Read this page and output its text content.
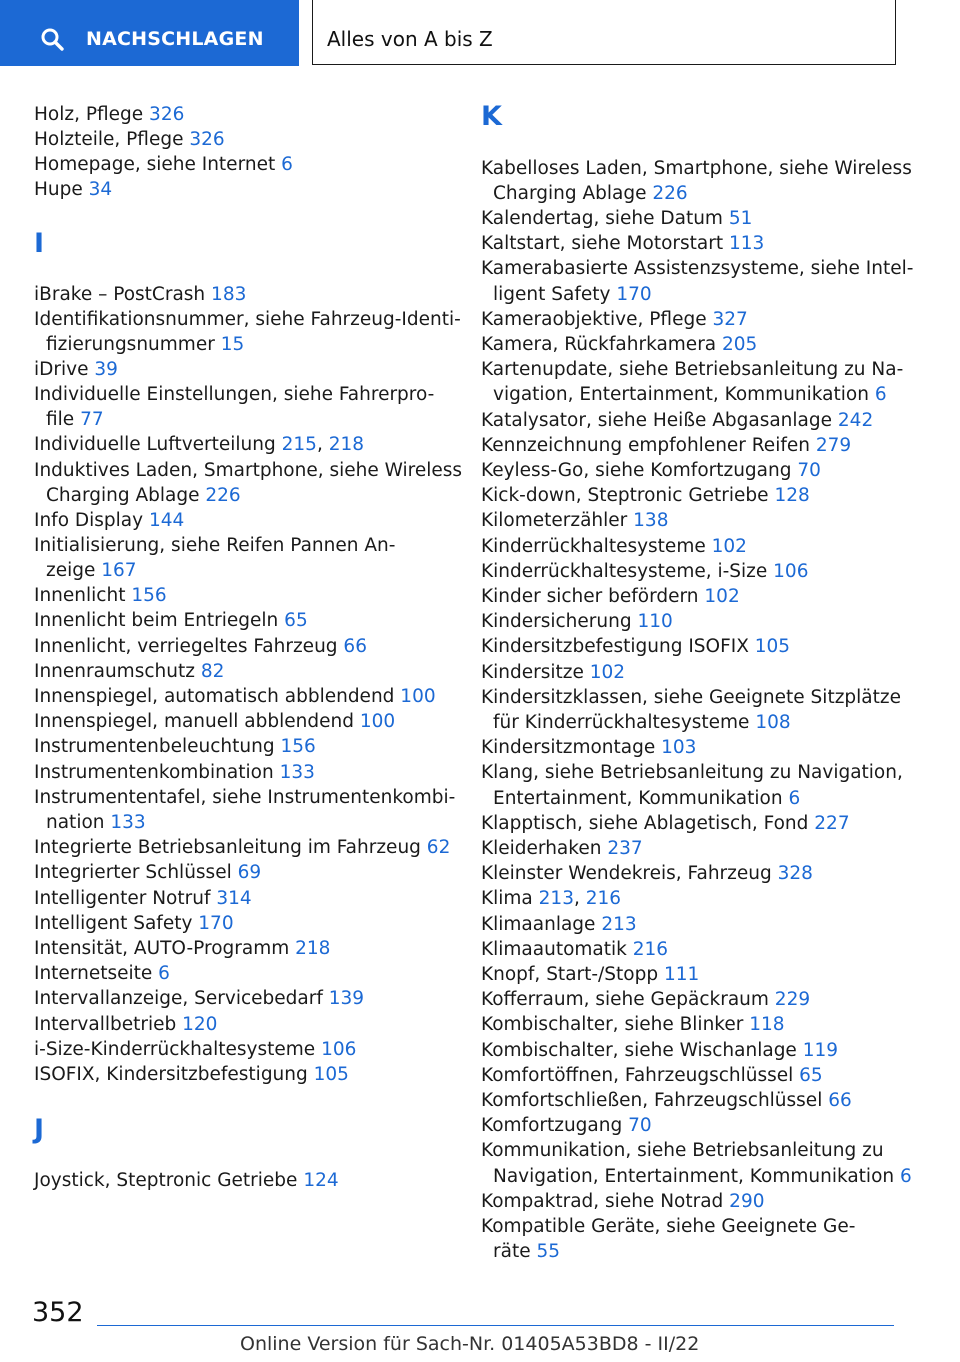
NACHSCHLAGEN	Alles von A bis Z
Holz, Pflege 326
Holzteile, Pflege 326
Homepage, siehe Internet 6
Hupe 34
I
iBrake – PostCrash 183
Identifikationsnummer, siehe Fahrzeug-Identi-
fizierungsnummer 15
iDrive 39
Individuelle Einstellungen, siehe Fahrerpro-
file 77
Individuelle Luftverteilung 215, 218
Induktives Laden, Smartphone, siehe Wireless
Charging Ablage 226
Info Display 144
Initialisierung, siehe Reifen Pannen An-
zeige 167
Innenlicht 156
Innenlicht beim Entriegeln 65
Innenlicht, verriegeltes Fahrzeug 66
Innenraumschutz 82
Innenspiegel, automatisch abblendend 100
Innenspiegel, manuell abblendend 100
Instrumentenbeleuchtung 156
Instrumentenkombination 133
Instrumententafel, siehe Instrumentenkombi-
nation 133
Integrierte Betriebsanleitung im Fahrzeug 62
Integrierter Schlüssel 69
Intelligenter Notruf 314
Intelligent Safety 170
Intensität, AUTO-Programm 218
Internetseite 6
Intervallanzeige, Servicebedarf 139
Intervallbetrieb 120
i-Size-Kinderrückhaltesysteme 106
ISOFIX, Kindersitzbefestigung 105
J
Joystick, Steptronic Getriebe 124
K
Kabelloses Laden, Smartphone, siehe Wireless
Charging Ablage 226
Kalendertag, siehe Datum 51
Kaltstart, siehe Motorstart 113
Kamerabasierte Assistenzsysteme, siehe Intel-
ligent Safety 170
Kameraobjektive, Pflege 327
Kamera, Rückfahrkamera 205
Kartenupdate, siehe Betriebsanleitung zu Na-
vigation, Entertainment, Kommunikation 6
Katalysator, siehe Heiße Abgasanlage 242
Kennzeichnung empfohlener Reifen 279
Keyless-Go, siehe Komfortzugang 70
Kick-down, Steptronic Getriebe 128
Kilometerzähler 138
Kinderrückhaltesysteme 102
Kinderrückhaltesysteme, i-Size 106
Kinder sicher befördern 102
Kindersicherung 110
Kindersitzbefestigung ISOFIX 105
Kindersitze 102
Kindersitzklassen, siehe Geeignete Sitzplätze
für Kinderrückhaltesysteme 108
Kindersitzmontage 103
Klang, siehe Betriebsanleitung zu Navigation,
Entertainment, Kommunikation 6
Klapptisch, siehe Ablagetisch, Fond 227
Kleiderhaken 237
Kleinster Wendekreis, Fahrzeug 328
Klima 213, 216
Klimaanlage 213
Klimaautomatik 216
Knopf, Start-/Stopp 111
Kofferraum, siehe Gepäckraum 229
Kombischalter, siehe Blinker 118
Kombischalter, siehe Wischanlage 119
Komfortöffnen, Fahrzeugschlüssel 65
Komfortschließen, Fahrzeugschlüssel 66
Komfortzugang 70
Kommunikation, siehe Betriebsanleitung zu
Navigation, Entertainment, Kommunikation 6
Kompaktrad, siehe Notrad 290
Kompatible Geräte, siehe Geeignete Ge-
räte 55
352
Online Version für Sach-Nr. 01405A53BD8 - II/22
